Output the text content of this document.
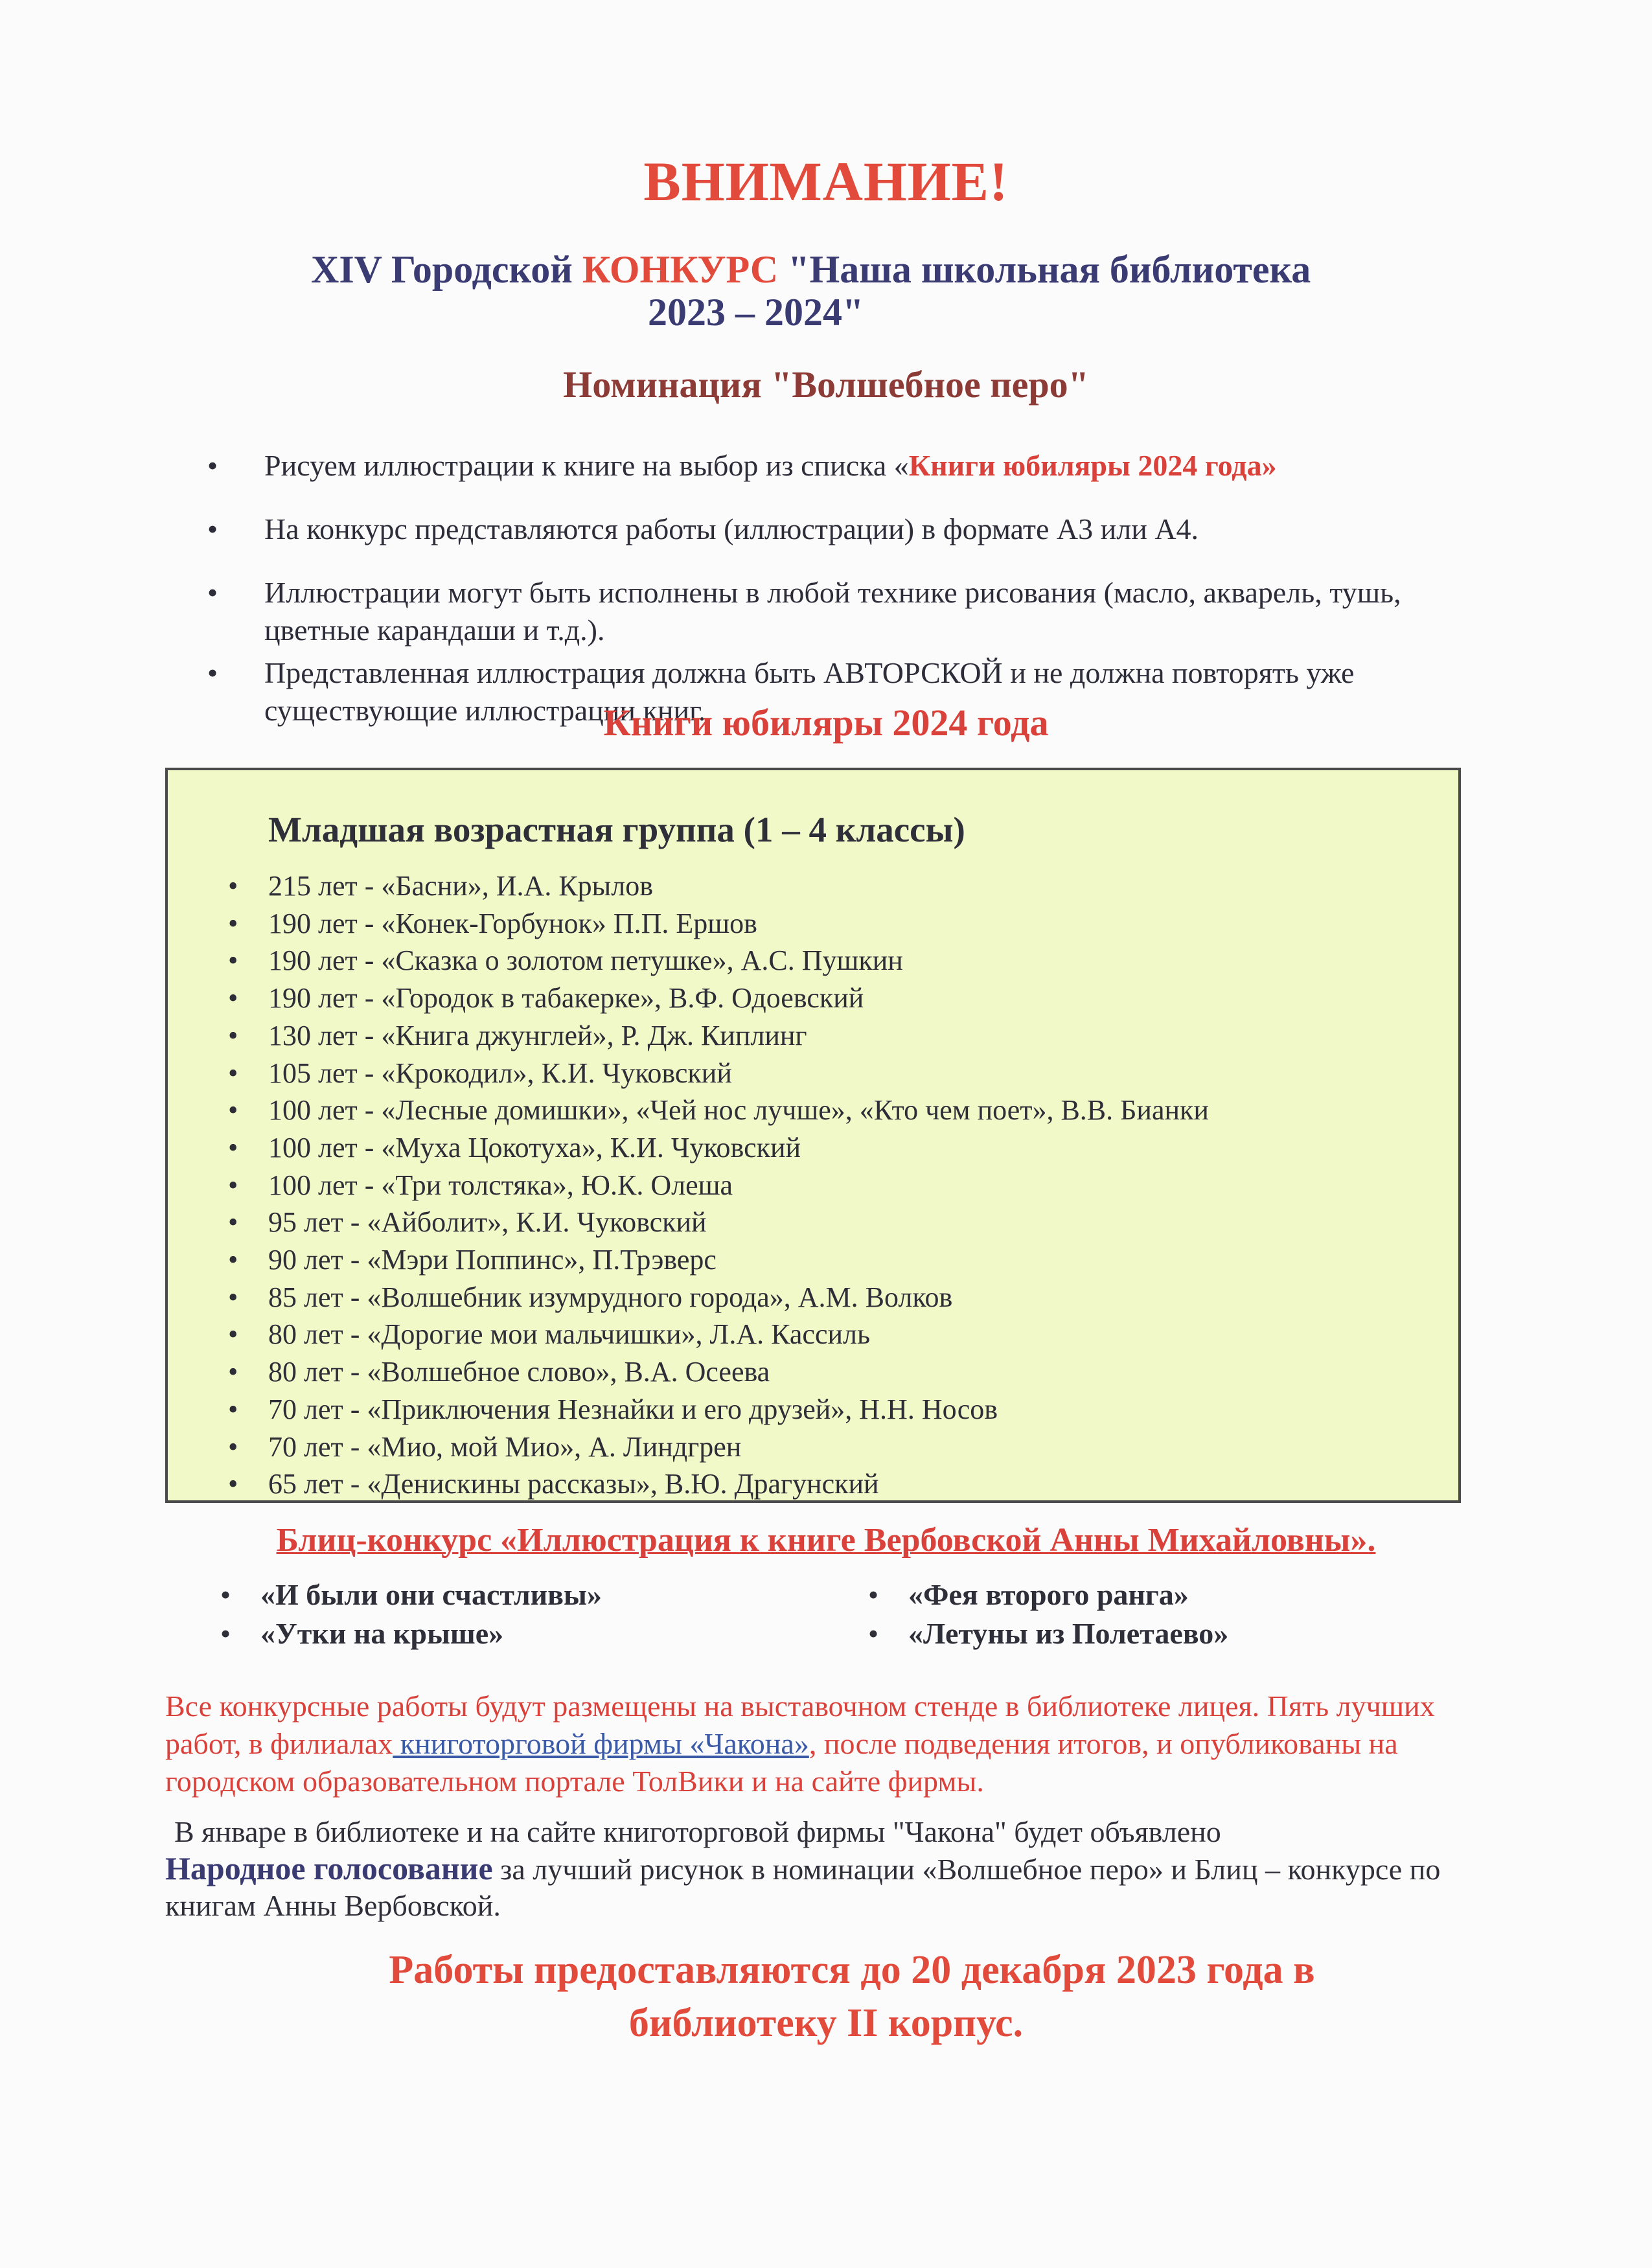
ВНИМАНИЕ!
XIV Городской КОНКУРС "Наша школьная библиотека
2023 – 2024"
Номинация "Волшебное перо"
• Рисуем иллюстрации к книге на выбор из списка «Книги юбиляры 2024 года»
• На конкурс представляются работы (иллюстрации) в формате А3 или А4.
• Иллюстрации могут быть исполнены в любой технике рисования (масло, акварель, тушь, цветные карандаши и т.д.).
• Представленная иллюстрация должна быть АВТОРСКОЙ и не должна повторять уже существующие иллюстрации книг.
Книги юбиляры 2024 года
Младшая возрастная группа (1 – 4 классы)
• 215 лет - «Басни», И.А. Крылов
• 190 лет - «Конек-Горбунок» П.П. Ершов
• 190 лет - «Сказка о золотом петушке», А.С. Пушкин
• 190 лет - «Городок в табакерке», В.Ф. Одоевский
• 130 лет - «Книга джунглей», Р. Дж. Киплинг
• 105 лет - «Крокодил», К.И. Чуковский
• 100 лет - «Лесные домишки», «Чей нос лучше», «Кто чем поет», В.В. Бианки
• 100 лет - «Муха Цокотуха», К.И. Чуковский
• 100 лет - «Три толстяка», Ю.К. Олеша
• 95 лет - «Айболит», К.И. Чуковский
• 90 лет - «Мэри Поппинс», П.Трэверс
• 85 лет - «Волшебник изумрудного города», А.М. Волков
• 80 лет - «Дорогие мои мальчишки», Л.А. Кассиль
• 80 лет - «Волшебное слово», В.А. Осеева
• 70 лет - «Приключения Незнайки и его друзей», Н.Н. Носов
• 70 лет - «Мио, мой Мио», А. Линдгрен
• 65 лет - «Денискины рассказы», В.Ю. Драгунский
Блиц-конкурс «Иллюстрация к книге Вербовской Анны Михайловны».
• «И были они счастливы»
• «Утки на крыше»
• «Фея второго ранга»
• «Летуны из Полетаево»
Все конкурсные работы будут размещены на выставочном стенде в библиотеке лицея. Пять лучших работ, в филиалах книготорговой фирмы «Чакона», после подведения итогов, и опубликованы на городском образовательном портале ТолВики и на сайте фирмы.
В январе в библиотеке и на сайте книготорговой фирмы "Чакона" будет объявлено
Народное голосование за лучший рисунок в номинации «Волшебное перо» и Блиц – конкурсе по книгам Анны Вербовской.
Работы предоставляются до 20 декабря 2023 года в
библиотеку II корпус.
